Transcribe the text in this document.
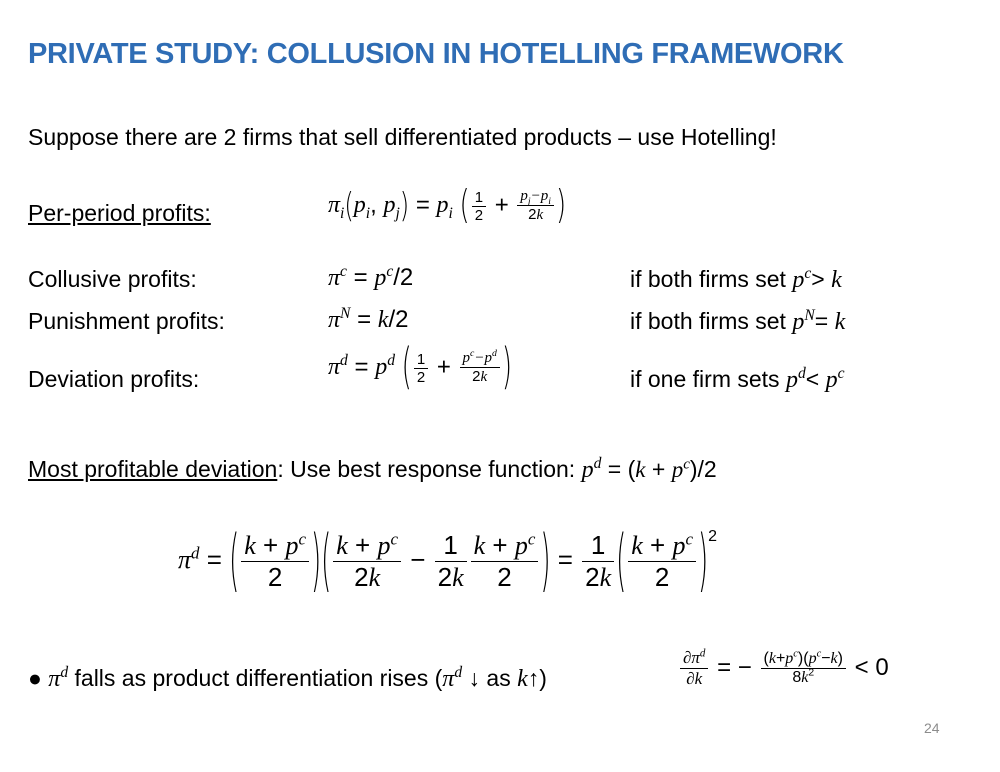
PRIVATE STUDY: COLLUSION IN HOTELLING FRAMEWORK
Suppose there are 2 firms that sell differentiated products – use Hotelling!
Per-period profits:	$\pi_i(p_i$, $p_j) = p_i$ ( $\frac{1}{2} + \frac{p_j-p_i}{2k}$ )
Collusive profits:	$\pi^c = p^c/2$	if both firms set $p^c> k$
Punishment profits:	$\pi^N = k/2$	if both firms set $p^N= k$
Deviation profits:	$\pi^d = p^d$ ( $\frac{1}{2} + \frac{p^c-p^d}{2k}$ )	if one firm sets $p^d< p^c$
Most profitable deviation: Use best response function: $p^d = (k + p^c)/2$
$\pi^d$ = ( $\frac{k + p^c}{2}$ )( $\frac{k + p^c}{2k} - \frac{1}{2k} \frac{k + p^c}{2}$ ) = $\frac{1}{2k}$ ( $\frac{k + p^c}{2} )^2$
● $\pi^d$ falls as product differentiation rises ($\pi^d$ ↓ as k↑)	$\frac{\partial\pi^d}{\partial k}$ = − $\frac{(k+p^c)(p^c-k)}{8k^2} < 0$
24
